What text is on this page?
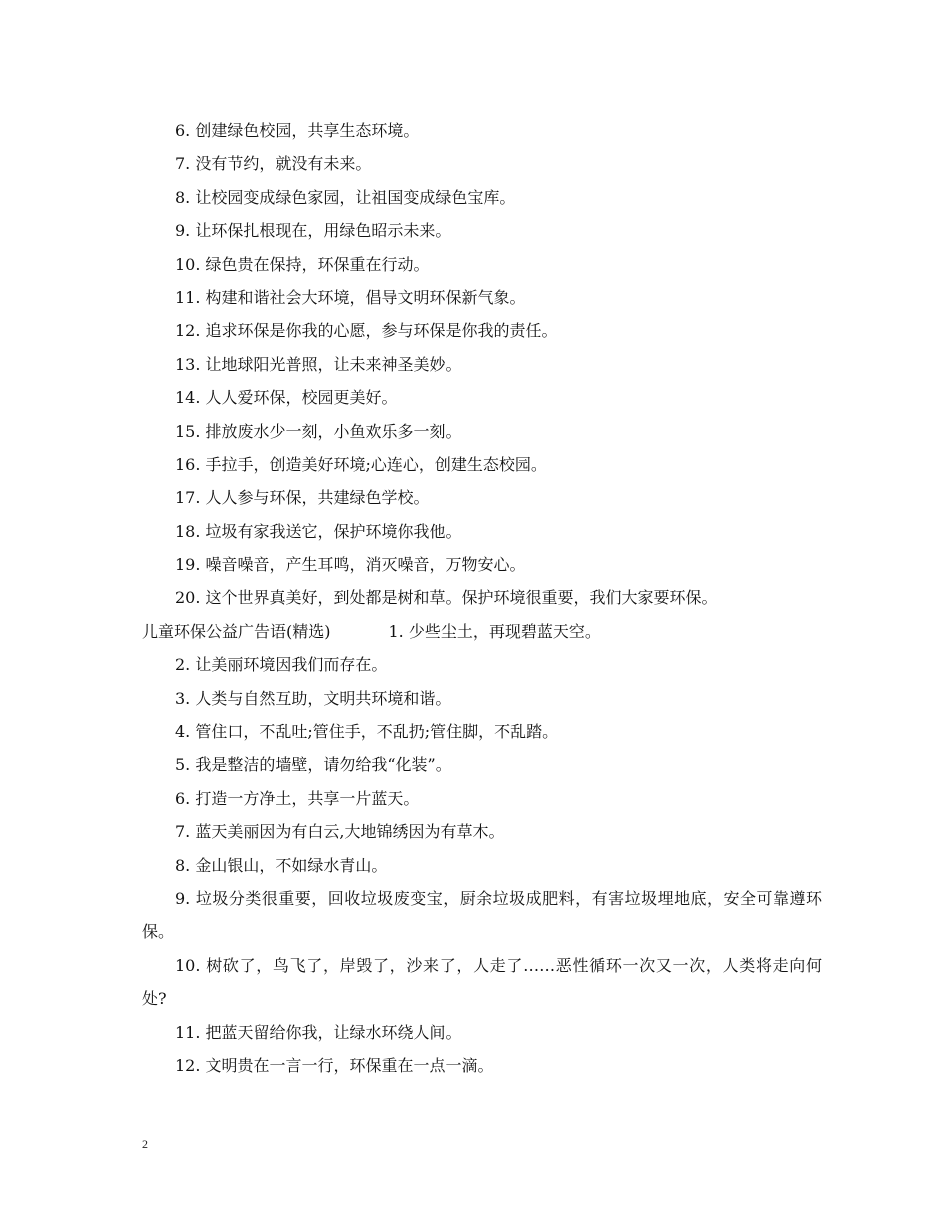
6. 创建绿色校园，共享生态环境。
7. 没有节约，就没有未来。
8. 让校园变成绿色家园，让祖国变成绿色宝库。
9. 让环保扎根现在，用绿色昭示未来。
10. 绿色贵在保持，环保重在行动。
11. 构建和谐社会大环境，倡导文明环保新气象。
12. 追求环保是你我的心愿，参与环保是你我的责任。
13. 让地球阳光普照，让未来神圣美妙。
14. 人人爱环保，校园更美好。
15. 排放废水少一刻，小鱼欢乐多一刻。
16. 手拉手，创造美好环境;心连心，创建生态校园。
17. 人人参与环保，共建绿色学校。
18. 垃圾有家我送它，保护环境你我他。
19. 噪音噪音，产生耳鸣，消灭噪音，万物安心。
20. 这个世界真美好，到处都是树和草。保护环境很重要，我们大家要环保。
儿童环保公益广告语(精选)	1. 少些尘土，再现碧蓝天空。
2. 让美丽环境因我们而存在。
3. 人类与自然互助，文明共环境和谐。
4. 管住口，不乱吐;管住手，不乱扔;管住脚，不乱踏。
5. 我是整洁的墙壁，请勿给我“化装”。
6. 打造一方净土，共享一片蓝天。
7. 蓝天美丽因为有白云,大地锦绣因为有草木。
8. 金山银山，不如绿水青山。
9. 垃圾分类很重要，回收垃圾废变宝，厨余垃圾成肥料，有害垃圾埋地底，安全可靠遵环保。
10. 树砍了，鸟飞了，岸毁了，沙来了，人走了……恶性循环一次又一次，人类将走向何处?
11. 把蓝天留给你我，让绿水环绕人间。
12. 文明贵在一言一行，环保重在一点一滴。
2
